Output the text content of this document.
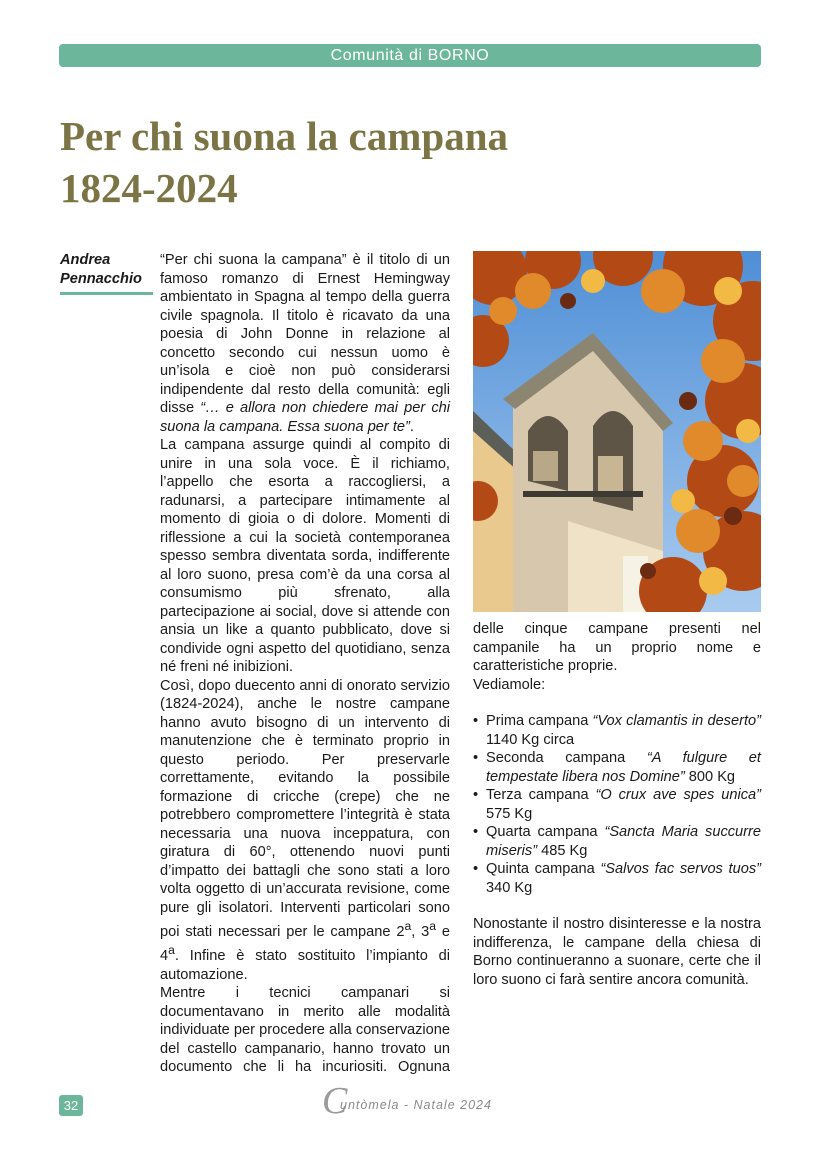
Comunità di BORNO
Per chi suona la campana
1824-2024
Andrea
Pennacchio

“Per chi suona la campana” è il titolo di un famoso romanzo di Ernest Hemingway ambientato in Spagna al tempo della guerra civile spagnola. Il titolo è ricavato da una poesia di John Donne in relazione al concetto secondo cui nessun uomo è un’isola e cioè non può considerarsi indipendente dal resto della comunità: egli disse “… e allora non chiedere mai per chi suona la campana. Essa suona per te”.

La campana assurge quindi al compito di unire in una sola voce. È il richiamo, l’appello che esorta a raccogliersi, a radunarsi, a partecipare intimamente al momento di gioia o di dolore. Momenti di riflessione a cui la società contemporanea spesso sembra diventata sorda, indifferente al loro suono, presa com’è da una corsa al consumismo più sfrenato, alla partecipazione ai social, dove si attende con ansia un like a quanto pubblicato, dove si condivide ogni aspetto del quotidiano, senza né freni né inibizioni.

Così, dopo duecento anni di onorato servizio (1824-2024), anche le nostre campane hanno avuto bisogno di un intervento di manutenzione che è terminato proprio in questo periodo. Per preservarle correttamente, evitando la possibile formazione di cricche (crepe) che ne potrebbero compromettere l’integrità è stata necessaria una nuova inceppatura, con giratura di 60°, ottenendo nuovi punti d’impatto dei battagli che sono stati a loro volta oggetto di un’accurata revisione, come pure gli isolatori. Interventi particolari sono poi stati necessari per le campane 2$^a$, 3$^a$ e 4$^a$. Infine è stato sostituito l’impianto di automazione.

Mentre i tecnici campanari si documentavano in merito alle modalità individuate per procedere alla conservazione del castello campanario, hanno trovato un documento che li ha incuriositi. Ognuna

delle cinque campane presenti nel campanile ha un proprio nome e caratteristiche proprie.

Vediamole:

• Prima campana “Vox clamantis in deserto” 1140 Kg circa
• Seconda campana “A fulgure et tempestate libera nos Domine” 800 Kg
• Terza campana “O crux ave spes unica” 575 Kg
• Quarta campana “Sancta Maria succurre miseris” 485 Kg
• Quinta campana “Salvos fac servos tuos” 340 Kg

Nonostante il nostro disinteresse e la nostra indifferenza, le campane della chiesa di Borno continueranno a suonare, certe che il loro suono ci farà sentire ancora comunità.

32	C
untòmela - Natale 2024
